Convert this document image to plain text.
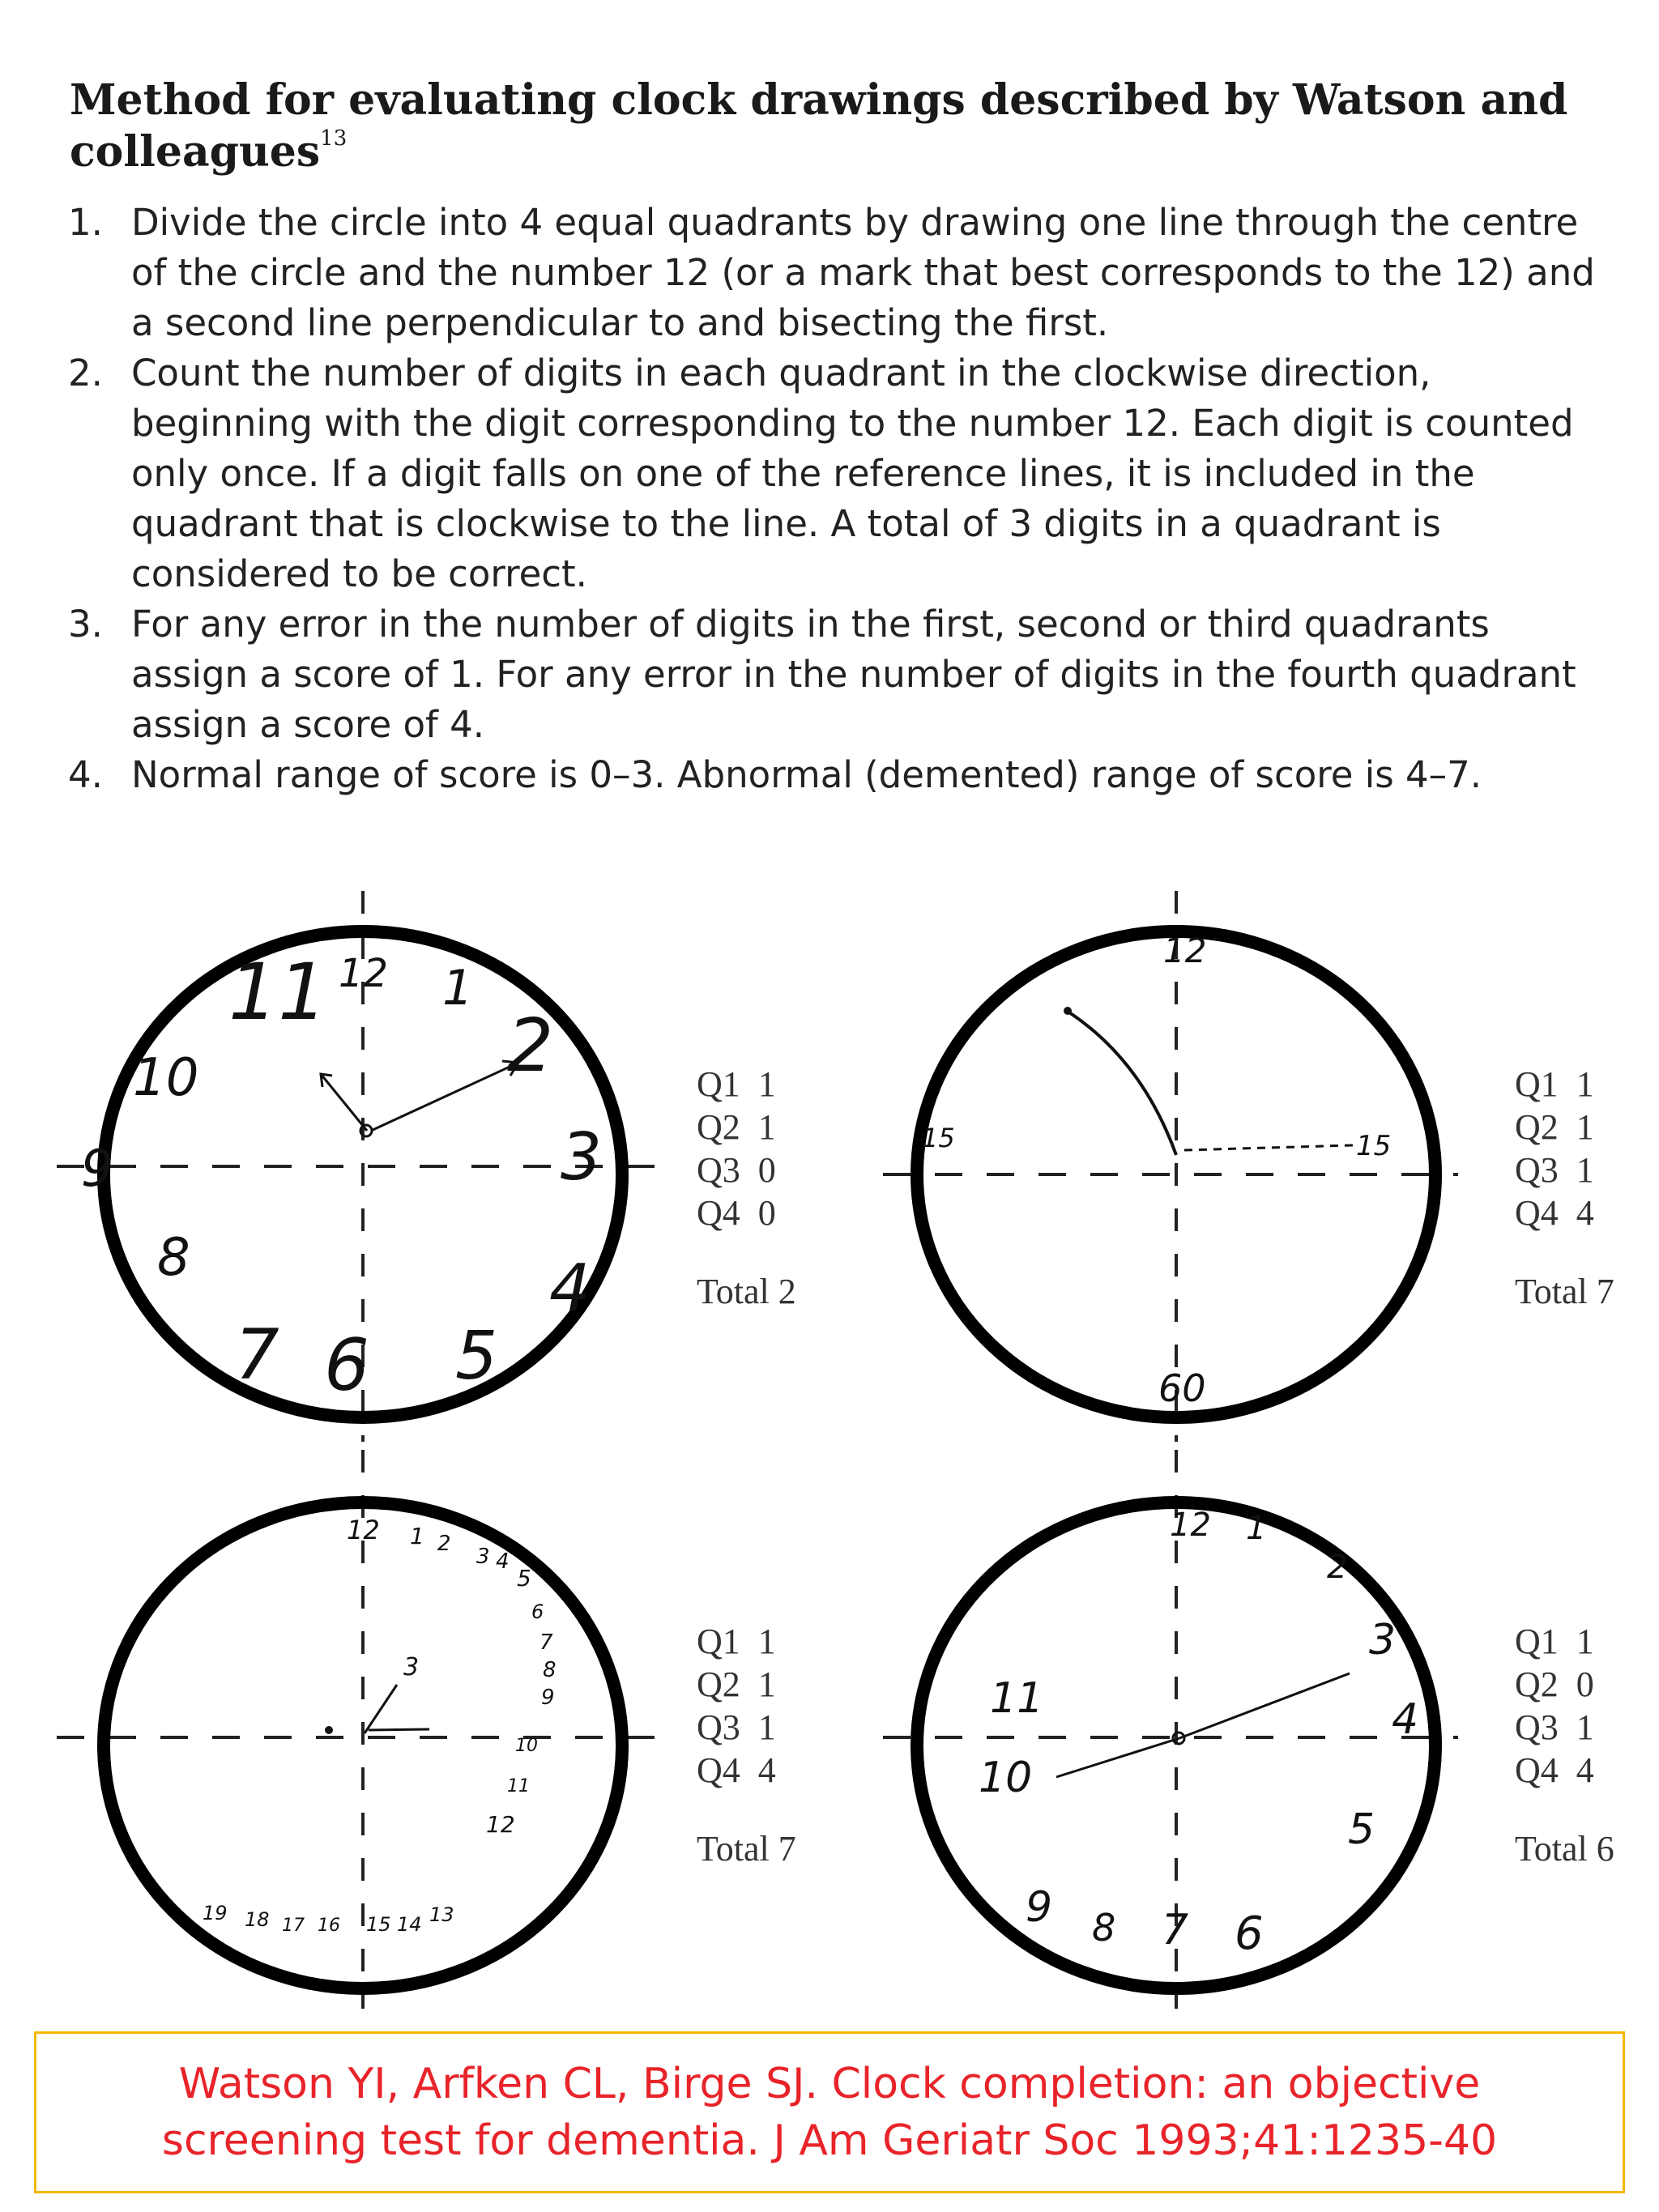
Method for evaluating clock drawings described by Watson and colleagues$^{13}$
1. Divide the circle into 4 equal quadrants by drawing one line through the centre of the circle and the number 12 (or a mark that best corresponds to the 12) and a second line perpendicular to and bisecting the first.
2. Count the number of digits in each quadrant in the clockwise direction, beginning with the digit corresponding to the number 12. Each digit is counted only once. If a digit falls on one of the reference lines, it is included in the quadrant that is clockwise to the line. A total of 3 digits in a quadrant is considered to be correct.
3. For any error in the number of digits in the first, second or third quadrants assign a score of 1. For any error in the number of digits in the fourth quadrant assign a score of 4.
4. Normal range of score is 0–3. Abnormal (demented) range of score is 4–7.
12 1
2
3
4
5
6
7
8
9
10
11
Q1 1
Q2 1
Q3 0
Q4 0
Total 2
12
15	15
60
Q1 1
Q2 1
Q3 1
Q4 4
Total 7
12 1 2
3 4
5
6
7
8
9
10
11
12
13
14
15
16
17
18
19
3
Q1 1
Q2 1
Q3 1
Q4 4
Total 7
12 1
2
3
4
5
6
7
8
9
10
11
Q1 1
Q2 0
Q3 1
Q4 4
Total 6
Watson YI, Arfken CL, Birge SJ. Clock completion: an objective
screening test for dementia. J Am Geriatr Soc 1993;41:1235-40
